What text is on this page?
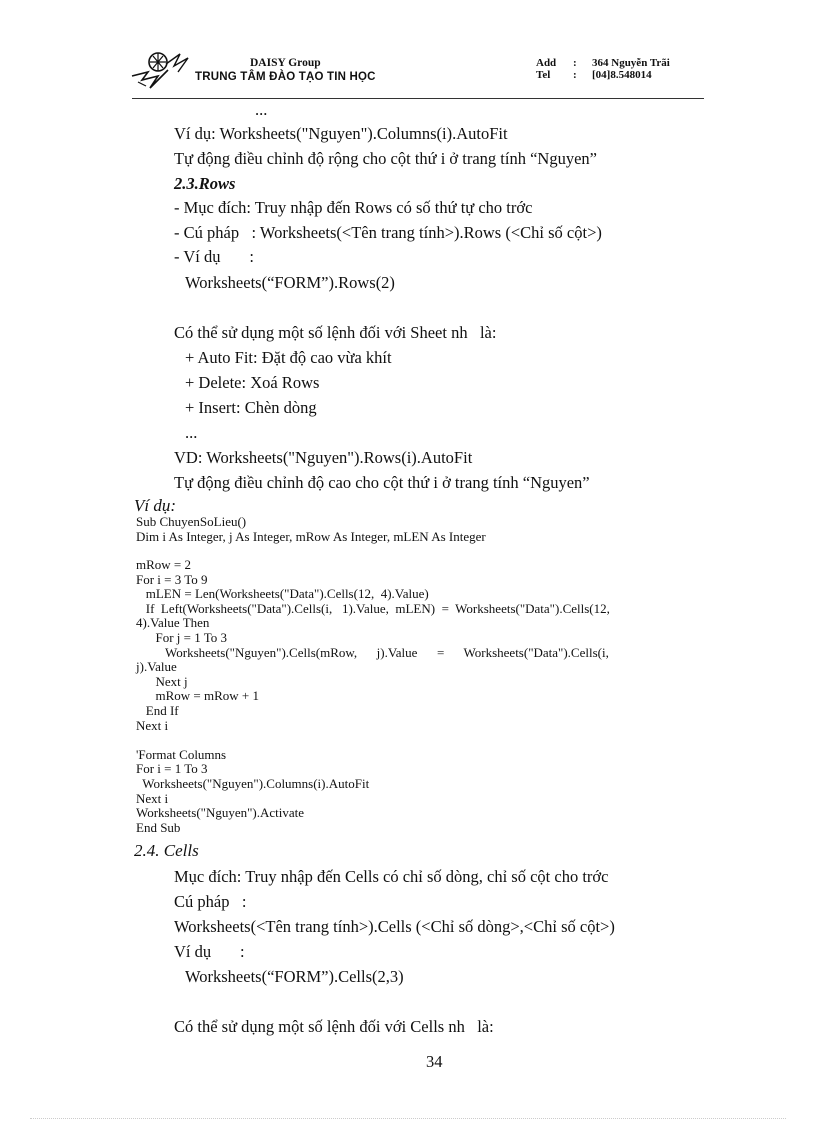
DAISY Group
TRUNG TÂM ĐÀO TẠO TIN HỌC
Add : 364 Nguyễn Trãi
Tel : [04]8.548014
...
Ví dụ: Worksheets("Nguyen").Columns(i).AutoFit
Tự động điều chỉnh độ rộng cho cột thứ i ở trang tính “Nguyen”
2.3.Rows
- Mục đích: Truy nhập đến Rows có số thứ tự cho trớc
- Cú pháp   : Worksheets(<Tên trang tính>).Rows (<Chỉ số cột>)
- Ví dụ       :
Worksheets(“FORM”).Rows(2)
Có thể sử dụng một số lệnh đối với Sheet nh   là:
+ Auto Fit: Đặt độ cao vừa khít
+ Delete: Xoá Rows
+ Insert: Chèn dòng
...
VD: Worksheets("Nguyen").Rows(i).AutoFit
Tự động điều chỉnh độ cao cho cột thứ i ở trang tính “Nguyen”
Ví dụ:
Sub ChuyenSoLieu()
Dim i As Integer, j As Integer, mRow As Integer, mLEN As Integer
mRow = 2
For i = 3 To 9
mLEN = Len(Worksheets("Data").Cells(12,  4).Value)
If  Left(Worksheets("Data").Cells(i,   1).Value,  mLEN)  =  Worksheets("Data").Cells(12,
4).Value Then
For j = 1 To 3
Worksheets("Nguyen").Cells(mRow,      j).Value      =      Worksheets("Data").Cells(i,
j).Value
Next j
mRow = mRow + 1
End If
Next i
'Format Columns
For i = 1 To 3
Worksheets("Nguyen").Columns(i).AutoFit
Next i
Worksheets("Nguyen").Activate
End Sub
2.4. Cells
Mục đích: Truy nhập đến Cells có chỉ số dòng, chỉ số cột cho trớc
Cú pháp   :
Worksheets(<Tên trang tính>).Cells (<Chỉ số dòng>,<Chỉ số cột>)
Ví dụ       :
Worksheets(“FORM”).Cells(2,3)
Có thể sử dụng một số lệnh đối với Cells nh   là:
34
